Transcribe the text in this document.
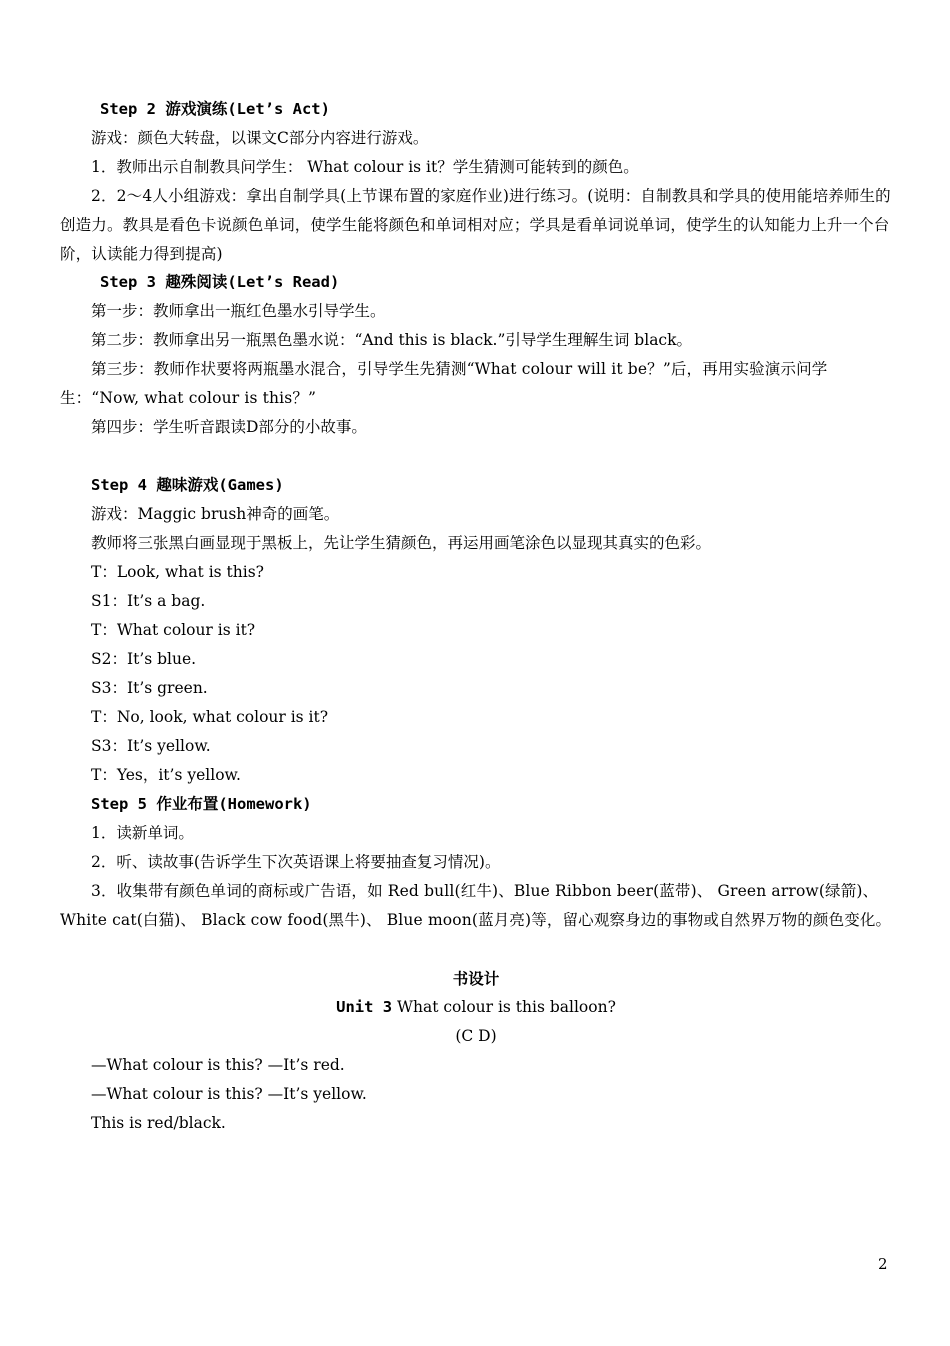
Step 2 游戏演练(Let’s Act)
游戏：颜色大转盘，以课文C部分内容进行游戏。
1．教师出示自制教具问学生： What colour is it？学生猜测可能转到的颜色。
2．2～4人小组游戏：拿出自制学具(上节课布置的家庭作业)进行练习。(说明：自制教具和学具的使用能培养师生的创造力。教具是看色卡说颜色单词，使学生能将颜色和单词相对应；学具是看单词说单词，使学生的认知能力上升一个台阶，认读能力得到提高)
Step 3 趣殊阅读(Let’s Read)
第一步：教师拿出一瓶红色墨水引导学生。
第二步：教师拿出另一瓶黑色墨水说：“And this is black.”引导学生理解生词 black。
第三步：教师作状要将两瓶墨水混合，引导学生先猜测“What colour will it be？”后，再用实验演示问学生：“Now, what colour is this？”
第四步：学生听音跟读D部分的小故事。
Step 4 趣味游戏(Games)
游戏：Maggic brush神奇的画笔。
教师将三张黑白画显现于黑板上，先让学生猜颜色，再运用画笔涂色以显现其真实的色彩。
T：Look, what is this?
S1：It’s a bag.
T：What colour is it?
S2：It’s blue.
S3：It’s green.
T：No, look, what colour is it?
S3：It’s yellow.
T：Yes，it’s yellow.
Step 5 作业布置(Homework)
1．读新单词。
2．听、读故事(告诉学生下次英语课上将要抽查复习情况)。
3．收集带有颜色单词的商标或广告语，如 Red bull(红牛)、Blue Ribbon beer(蓝带)、 Green arrow(绿箭)、 White cat(白猫)、 Black cow food(黑牛)、 Blue moon(蓝月亮)等，留心观察身边的事物或自然界万物的颜色变化。
书设计
Unit 3 What colour is this balloon?
(C D)
—What colour is this? —It’s red.
—What colour is this? —It’s yellow.
This is red/black.
2
